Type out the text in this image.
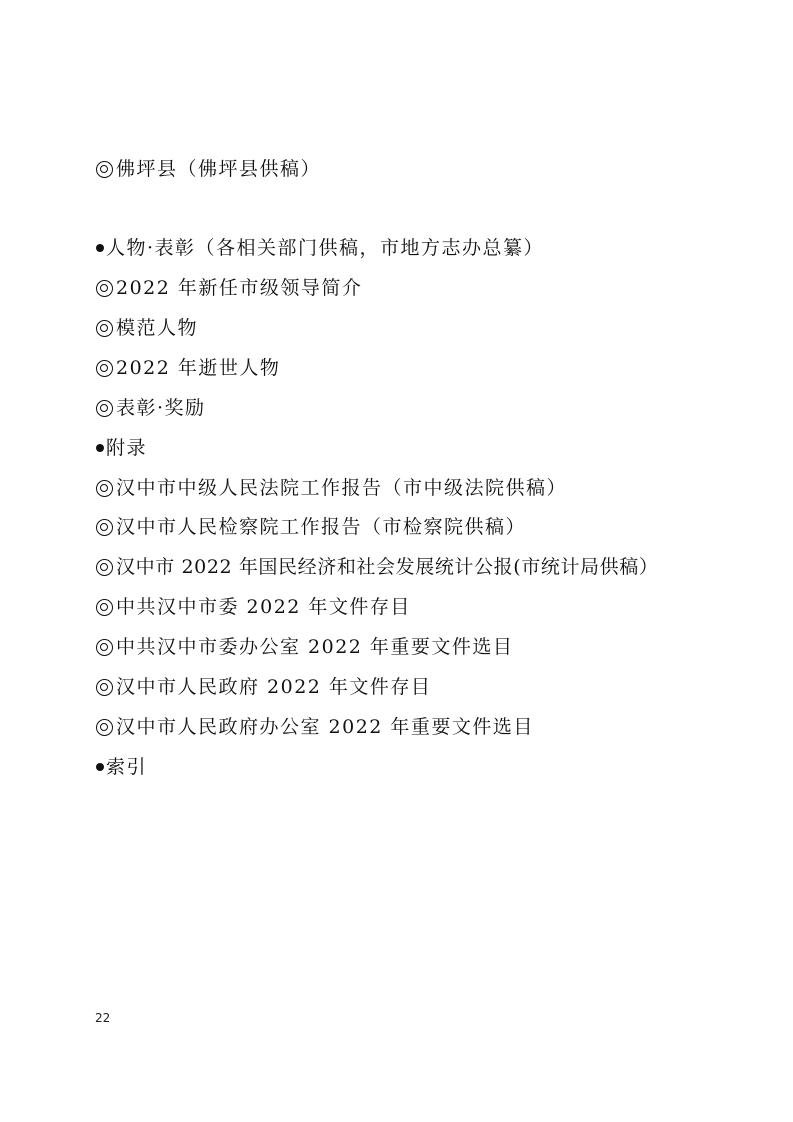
佛坪县（佛坪县供稿）
人物·表彰（各相关部门供稿，市地方志办总纂）
2022 年新任市级领导简介
模范人物
2022 年逝世人物
表彰·奖励
附录
汉中市中级人民法院工作报告（市中级法院供稿）
汉中市人民检察院工作报告（市检察院供稿）
汉中市 2022 年国民经济和社会发展统计公报(市统计局供稿）
中共汉中市委 2022 年文件存目
中共汉中市委办公室 2022 年重要文件选目
汉中市人民政府 2022 年文件存目
汉中市人民政府办公室 2022 年重要文件选目
索引
22
